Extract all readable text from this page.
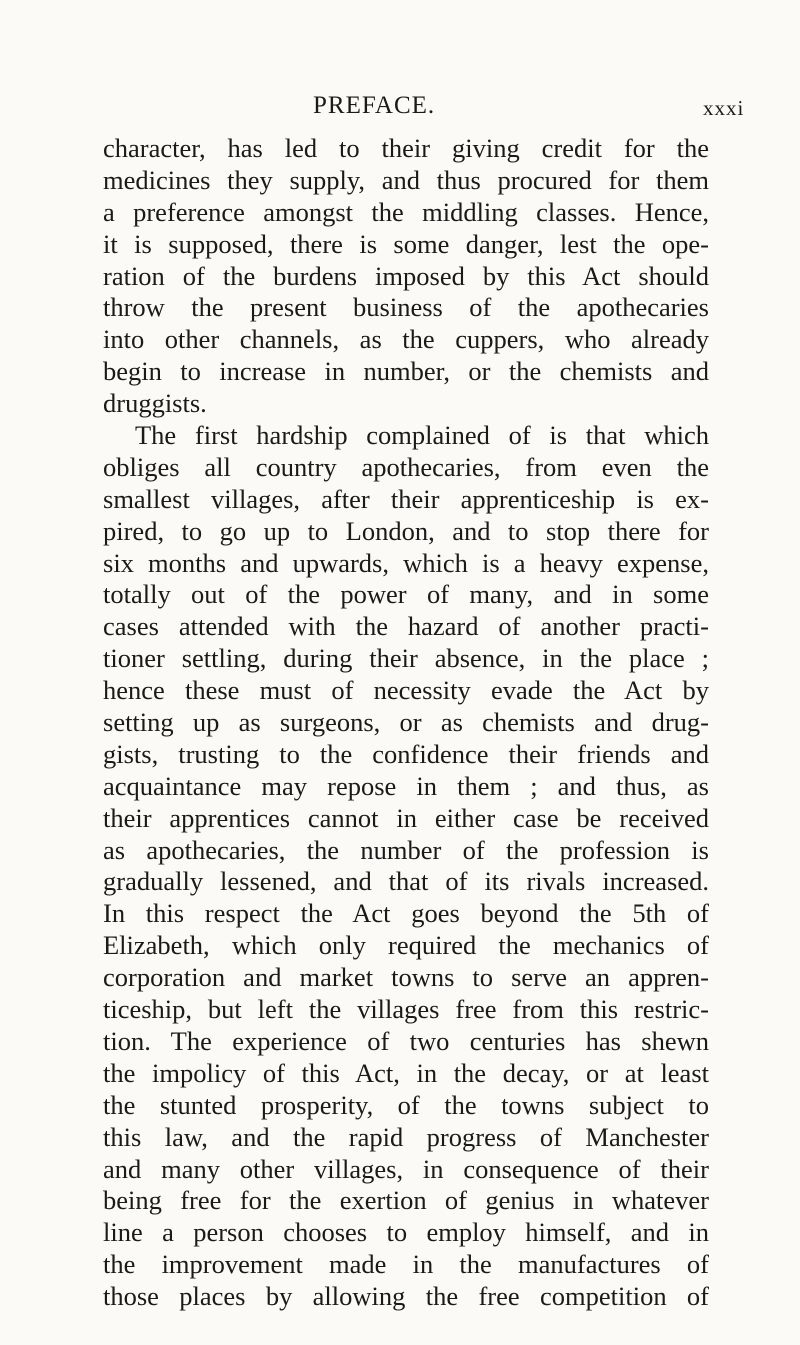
PREFACE.	xxxi
character, has led to their giving credit for the
medicines they supply, and thus procured for them
a preference amongst the middling classes. Hence,
it is supposed, there is some danger, lest the ope-
ration of the burdens imposed by this Act should
throw the present business of the apothecaries
into other channels, as the cuppers, who already
begin to increase in number, or the chemists and
druggists.
The first hardship complained of is that which
obliges all country apothecaries, from even the
smallest villages, after their apprenticeship is ex-
pired, to go up to London, and to stop there for
six months and upwards, which is a heavy expense,
totally out of the power of many, and in some
cases attended with the hazard of another practi-
tioner settling, during their absence, in the place ;
hence these must of necessity evade the Act by
setting up as surgeons, or as chemists and drug-
gists, trusting to the confidence their friends and
acquaintance may repose in them ; and thus, as
their apprentices cannot in either case be received
as apothecaries, the number of the profession is
gradually lessened, and that of its rivals increased.
In this respect the Act goes beyond the 5th of
Elizabeth, which only required the mechanics of
corporation and market towns to serve an appren-
ticeship, but left the villages free from this restric-
tion. The experience of two centuries has shewn
the impolicy of this Act, in the decay, or at least
the stunted prosperity, of the towns subject to
this law, and the rapid progress of Manchester
and many other villages, in consequence of their
being free for the exertion of genius in whatever
line a person chooses to employ himself, and in
the improvement made in the manufactures of
those places by allowing the free competition of
